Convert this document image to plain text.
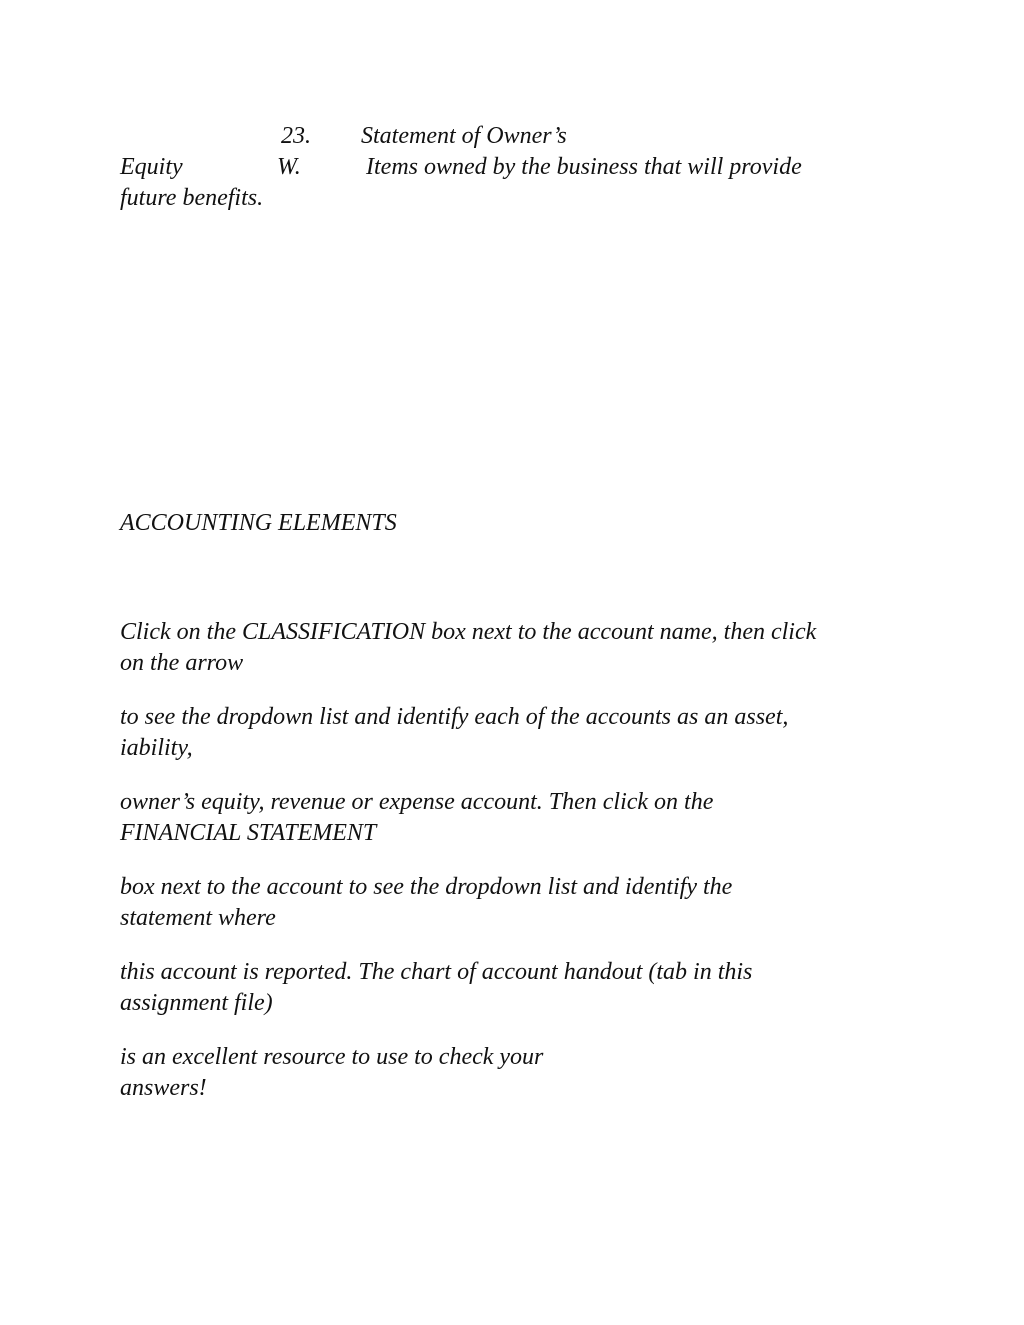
23. Statement of Owner’s
Equity	W.	Items owned by the business that will provide
future benefits.
ACCOUNTING ELEMENTS
Click on the CLASSIFICATION box next to the account name, then click
on the arrow
to see the dropdown list and identify each of the accounts as an asset,
iability,
owner’s equity, revenue or expense account. Then click on the
FINANCIAL STATEMENT
box next to the account to see the dropdown list and identify the
statement where
this account is reported. The chart of account handout (tab in this
assignment file)
is an excellent resource to use to check your
answers!
